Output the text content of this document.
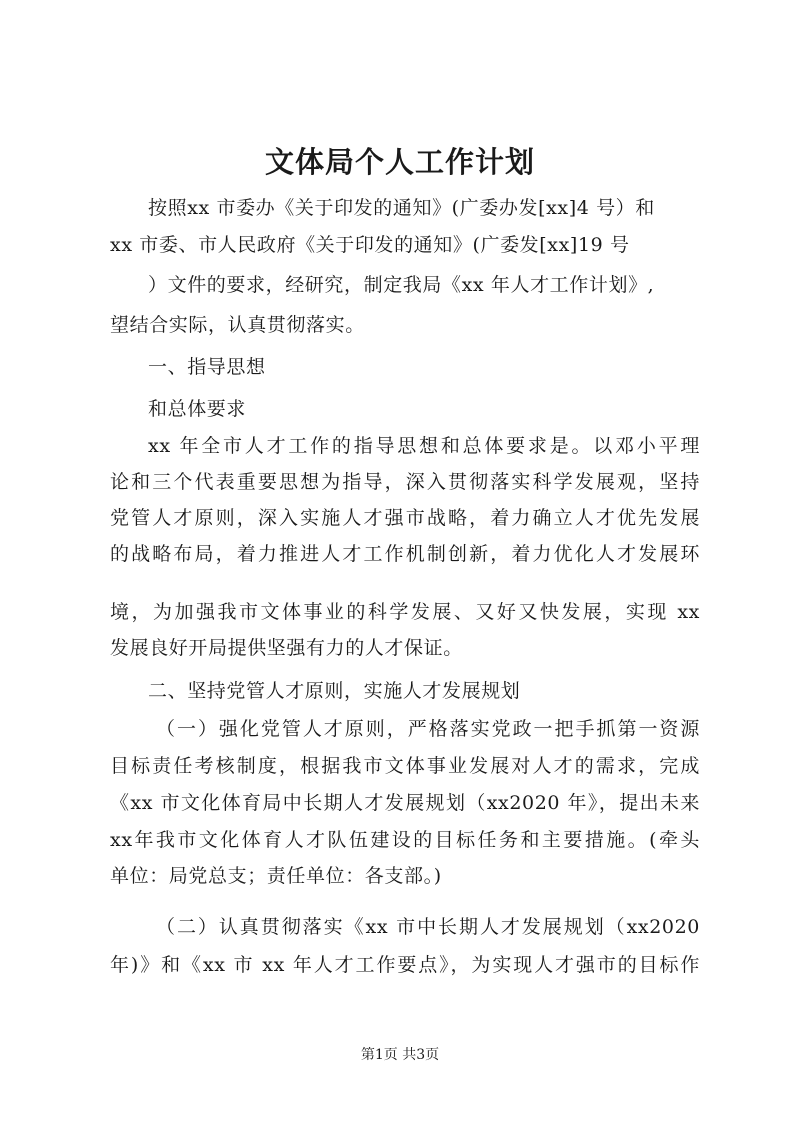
文体局个人工作计划
按照xx 市委办《关于印发的通知》(广委办发[xx]4 号）和
xx 市委、市人民政府《关于印发的通知》(广委发[xx]19 号
）文件的要求，经研究，制定我局《xx 年人才工作计划》,
望结合实际，认真贯彻落实。
一、指导思想
和总体要求
xx 年全市人才工作的指导思想和总体要求是。以邓小平理
论和三个代表重要思想为指导，深入贯彻落实科学发展观，坚持
党管人才原则，深入实施人才强市战略，着力确立人才优先发展
的战略布局，着力推进人才工作机制创新，着力优化人才发展环
境，为加强我市文体事业的科学发展、又好又快发展，实现 xx
发展良好开局提供坚强有力的人才保证。
二、坚持党管人才原则，实施人才发展规划
（一）强化党管人才原则，严格落实党政一把手抓第一资源
目标责任考核制度，根据我市文体事业发展对人才的需求，完成
《xx 市文化体育局中长期人才发展规划（xx2020 年》，提出未来
xx年我市文化体育人才队伍建设的目标任务和主要措施。(牵头
单位：局党总支；责任单位：各支部。)
（二）认真贯彻落实《xx 市中长期人才发展规划（xx2020
年)》和《xx 市 xx 年人才工作要点》，为实现人才强市的目标作
第1页 共3页
